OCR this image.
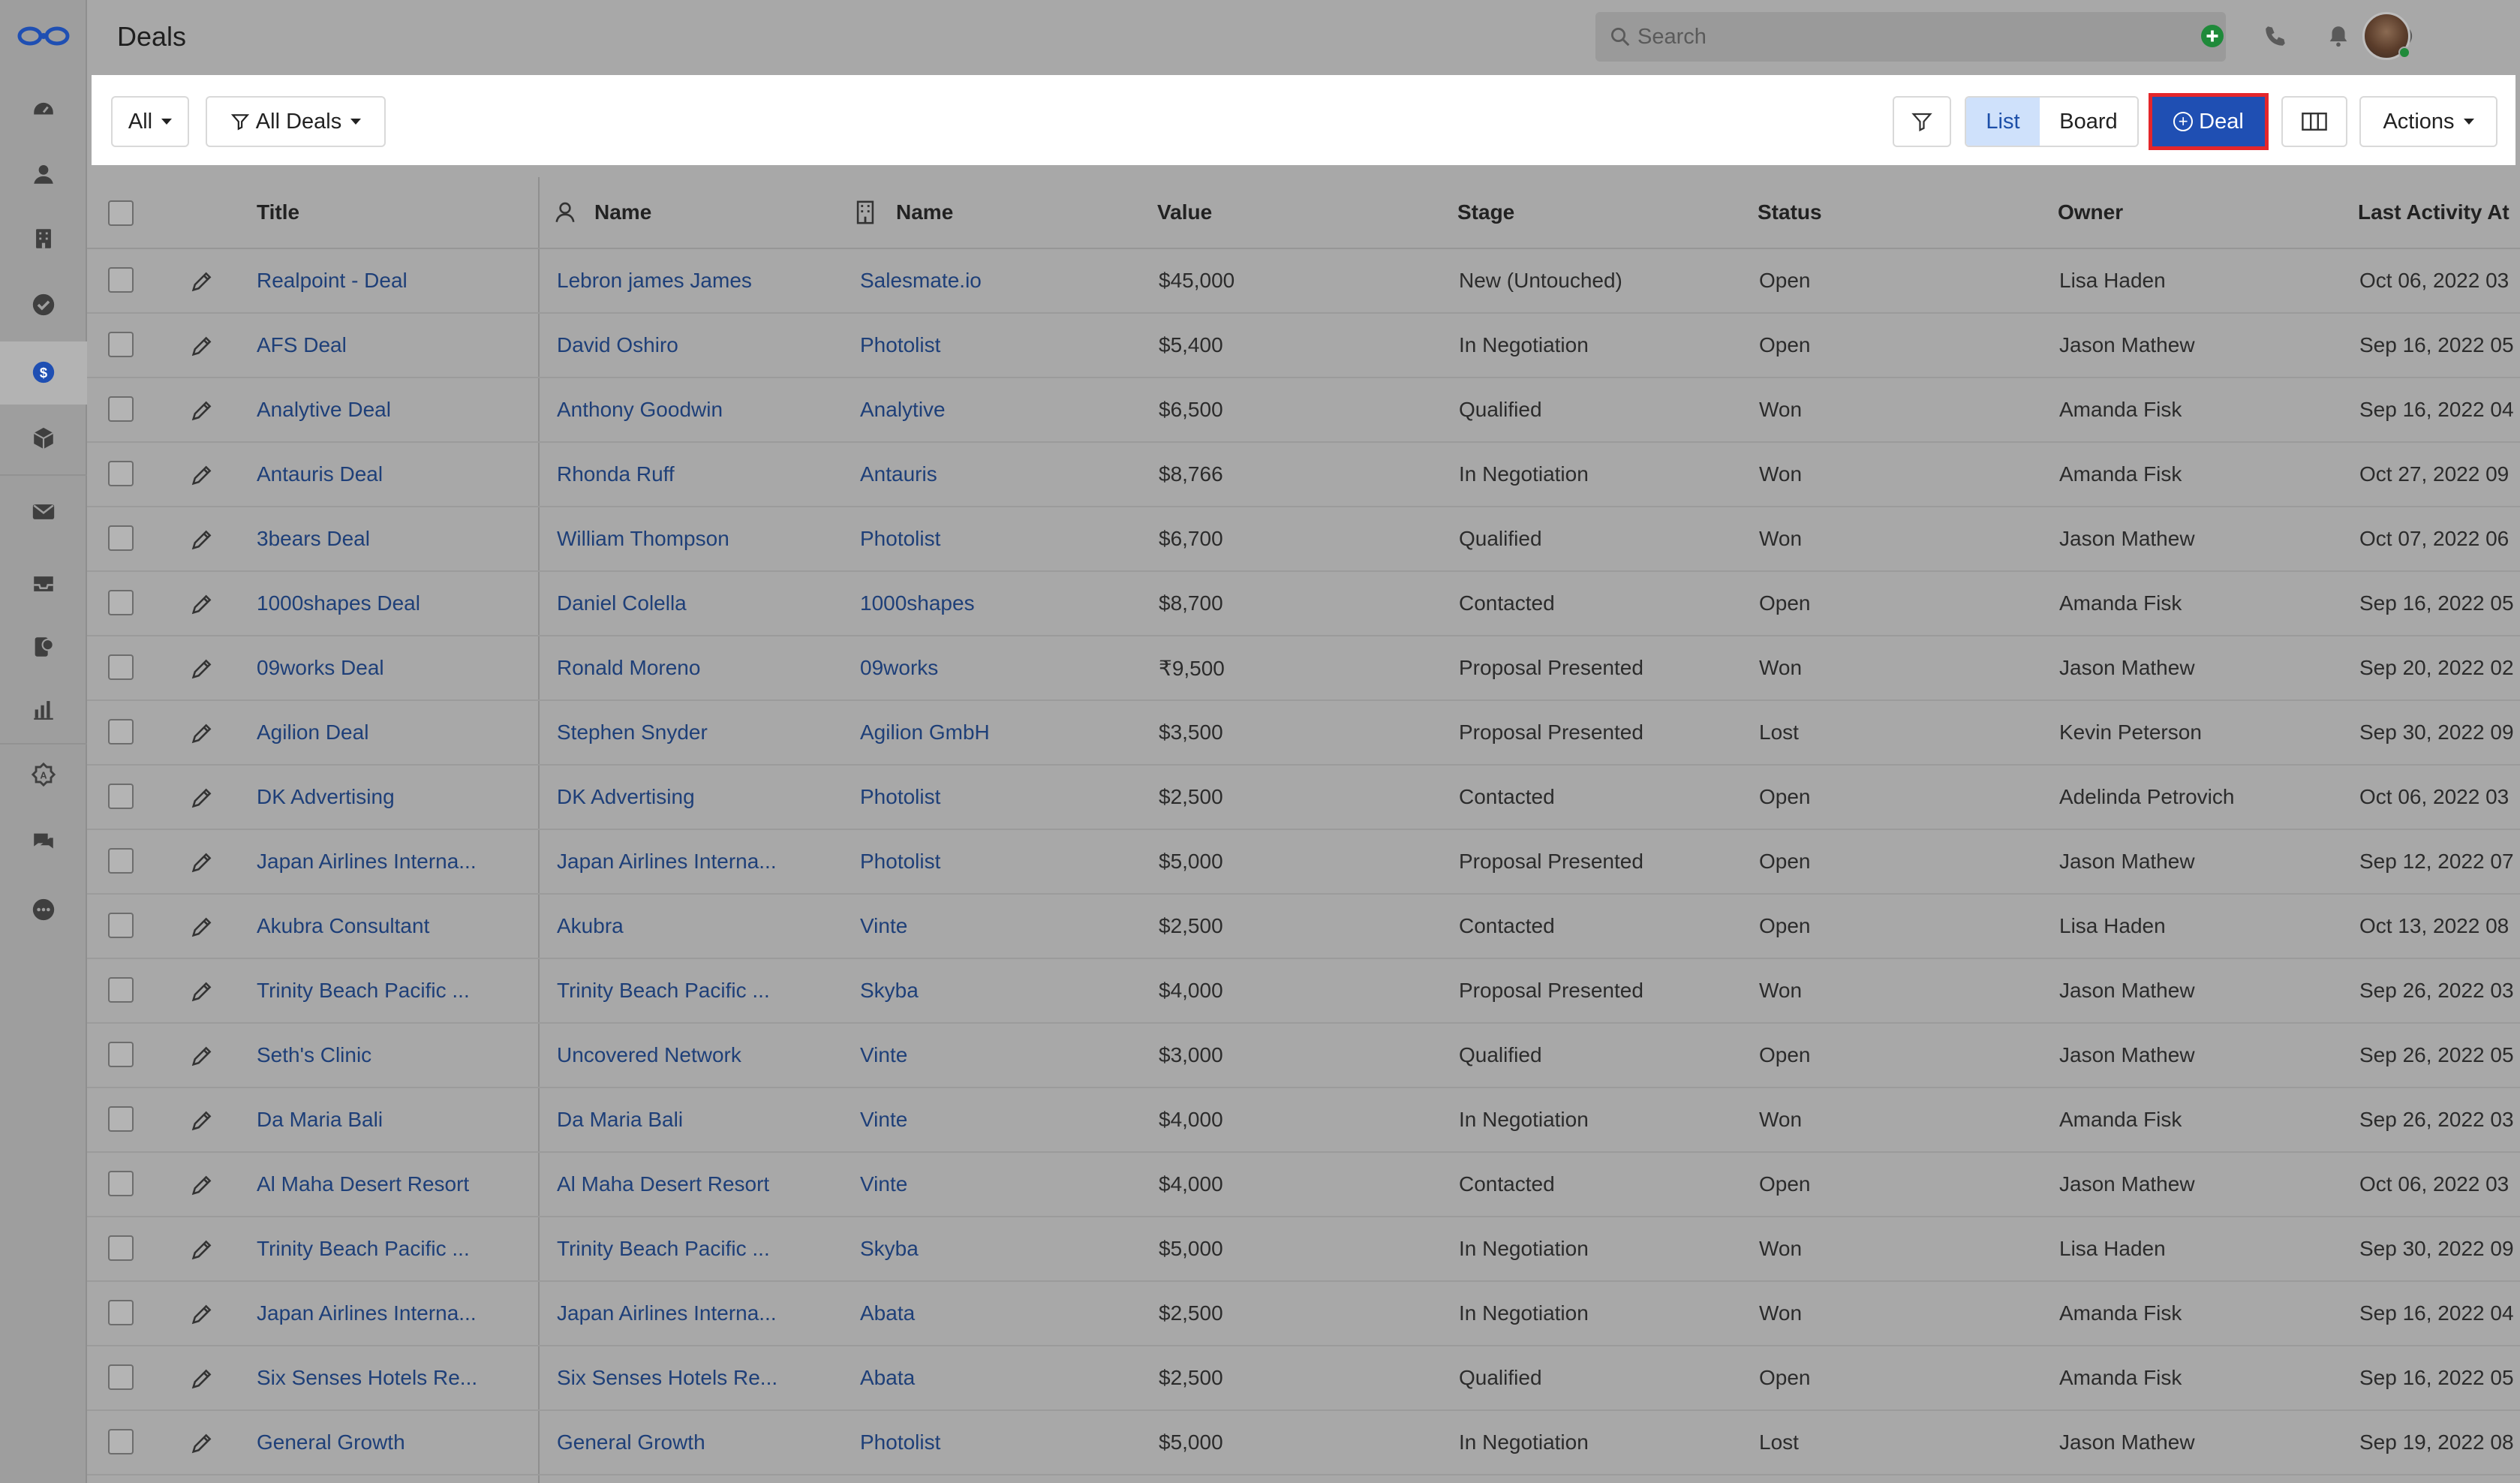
$
A
Deals	Search
All	All Deals	List	Board	+ Deal	Actions
Title	Name	Name	Value	Stage	Status	Owner	Last Activity At
Realpoint - Deal	Lebron james James	Salesmate.io	$45,000	New (Untouched)	Open	Lisa Haden	Oct 06, 2022 03
AFS Deal	David Oshiro	Photolist	$5,400	In Negotiation	Open	Jason Mathew	Sep 16, 2022 05
Analytive Deal	Anthony Goodwin	Analytive	$6,500	Qualified	Won	Amanda Fisk	Sep 16, 2022 04
Antauris Deal	Rhonda Ruff	Antauris	$8,766	In Negotiation	Won	Amanda Fisk	Oct 27, 2022 09
3bears Deal	William Thompson	Photolist	$6,700	Qualified	Won	Jason Mathew	Oct 07, 2022 06
1000shapes Deal	Daniel Colella	1000shapes	$8,700	Contacted	Open	Amanda Fisk	Sep 16, 2022 05
09works Deal	Ronald Moreno	09works	₹9,500	Proposal Presented	Won	Jason Mathew	Sep 20, 2022 02
Agilion Deal	Stephen Snyder	Agilion GmbH	$3,500	Proposal Presented	Lost	Kevin Peterson	Sep 30, 2022 09
DK Advertising	DK Advertising	Photolist	$2,500	Contacted	Open	Adelinda Petrovich	Oct 06, 2022 03
Japan Airlines Interna...	Japan Airlines Interna...	Photolist	$5,000	Proposal Presented	Open	Jason Mathew	Sep 12, 2022 07
Akubra Consultant	Akubra	Vinte	$2,500	Contacted	Open	Lisa Haden	Oct 13, 2022 08
Trinity Beach Pacific ...	Trinity Beach Pacific ...	Skyba	$4,000	Proposal Presented	Won	Jason Mathew	Sep 26, 2022 03
Seth's Clinic	Uncovered Network	Vinte	$3,000	Qualified	Open	Jason Mathew	Sep 26, 2022 05
Da Maria Bali	Da Maria Bali	Vinte	$4,000	In Negotiation	Won	Amanda Fisk	Sep 26, 2022 03
Al Maha Desert Resort	Al Maha Desert Resort	Vinte	$4,000	Contacted	Open	Jason Mathew	Oct 06, 2022 03
Trinity Beach Pacific ...	Trinity Beach Pacific ...	Skyba	$5,000	In Negotiation	Won	Lisa Haden	Sep 30, 2022 09
Japan Airlines Interna...	Japan Airlines Interna...	Abata	$2,500	In Negotiation	Won	Amanda Fisk	Sep 16, 2022 04
Six Senses Hotels Re...	Six Senses Hotels Re...	Abata	$2,500	Qualified	Open	Amanda Fisk	Sep 16, 2022 05
General Growth	General Growth	Photolist	$5,000	In Negotiation	Lost	Jason Mathew	Sep 19, 2022 08
